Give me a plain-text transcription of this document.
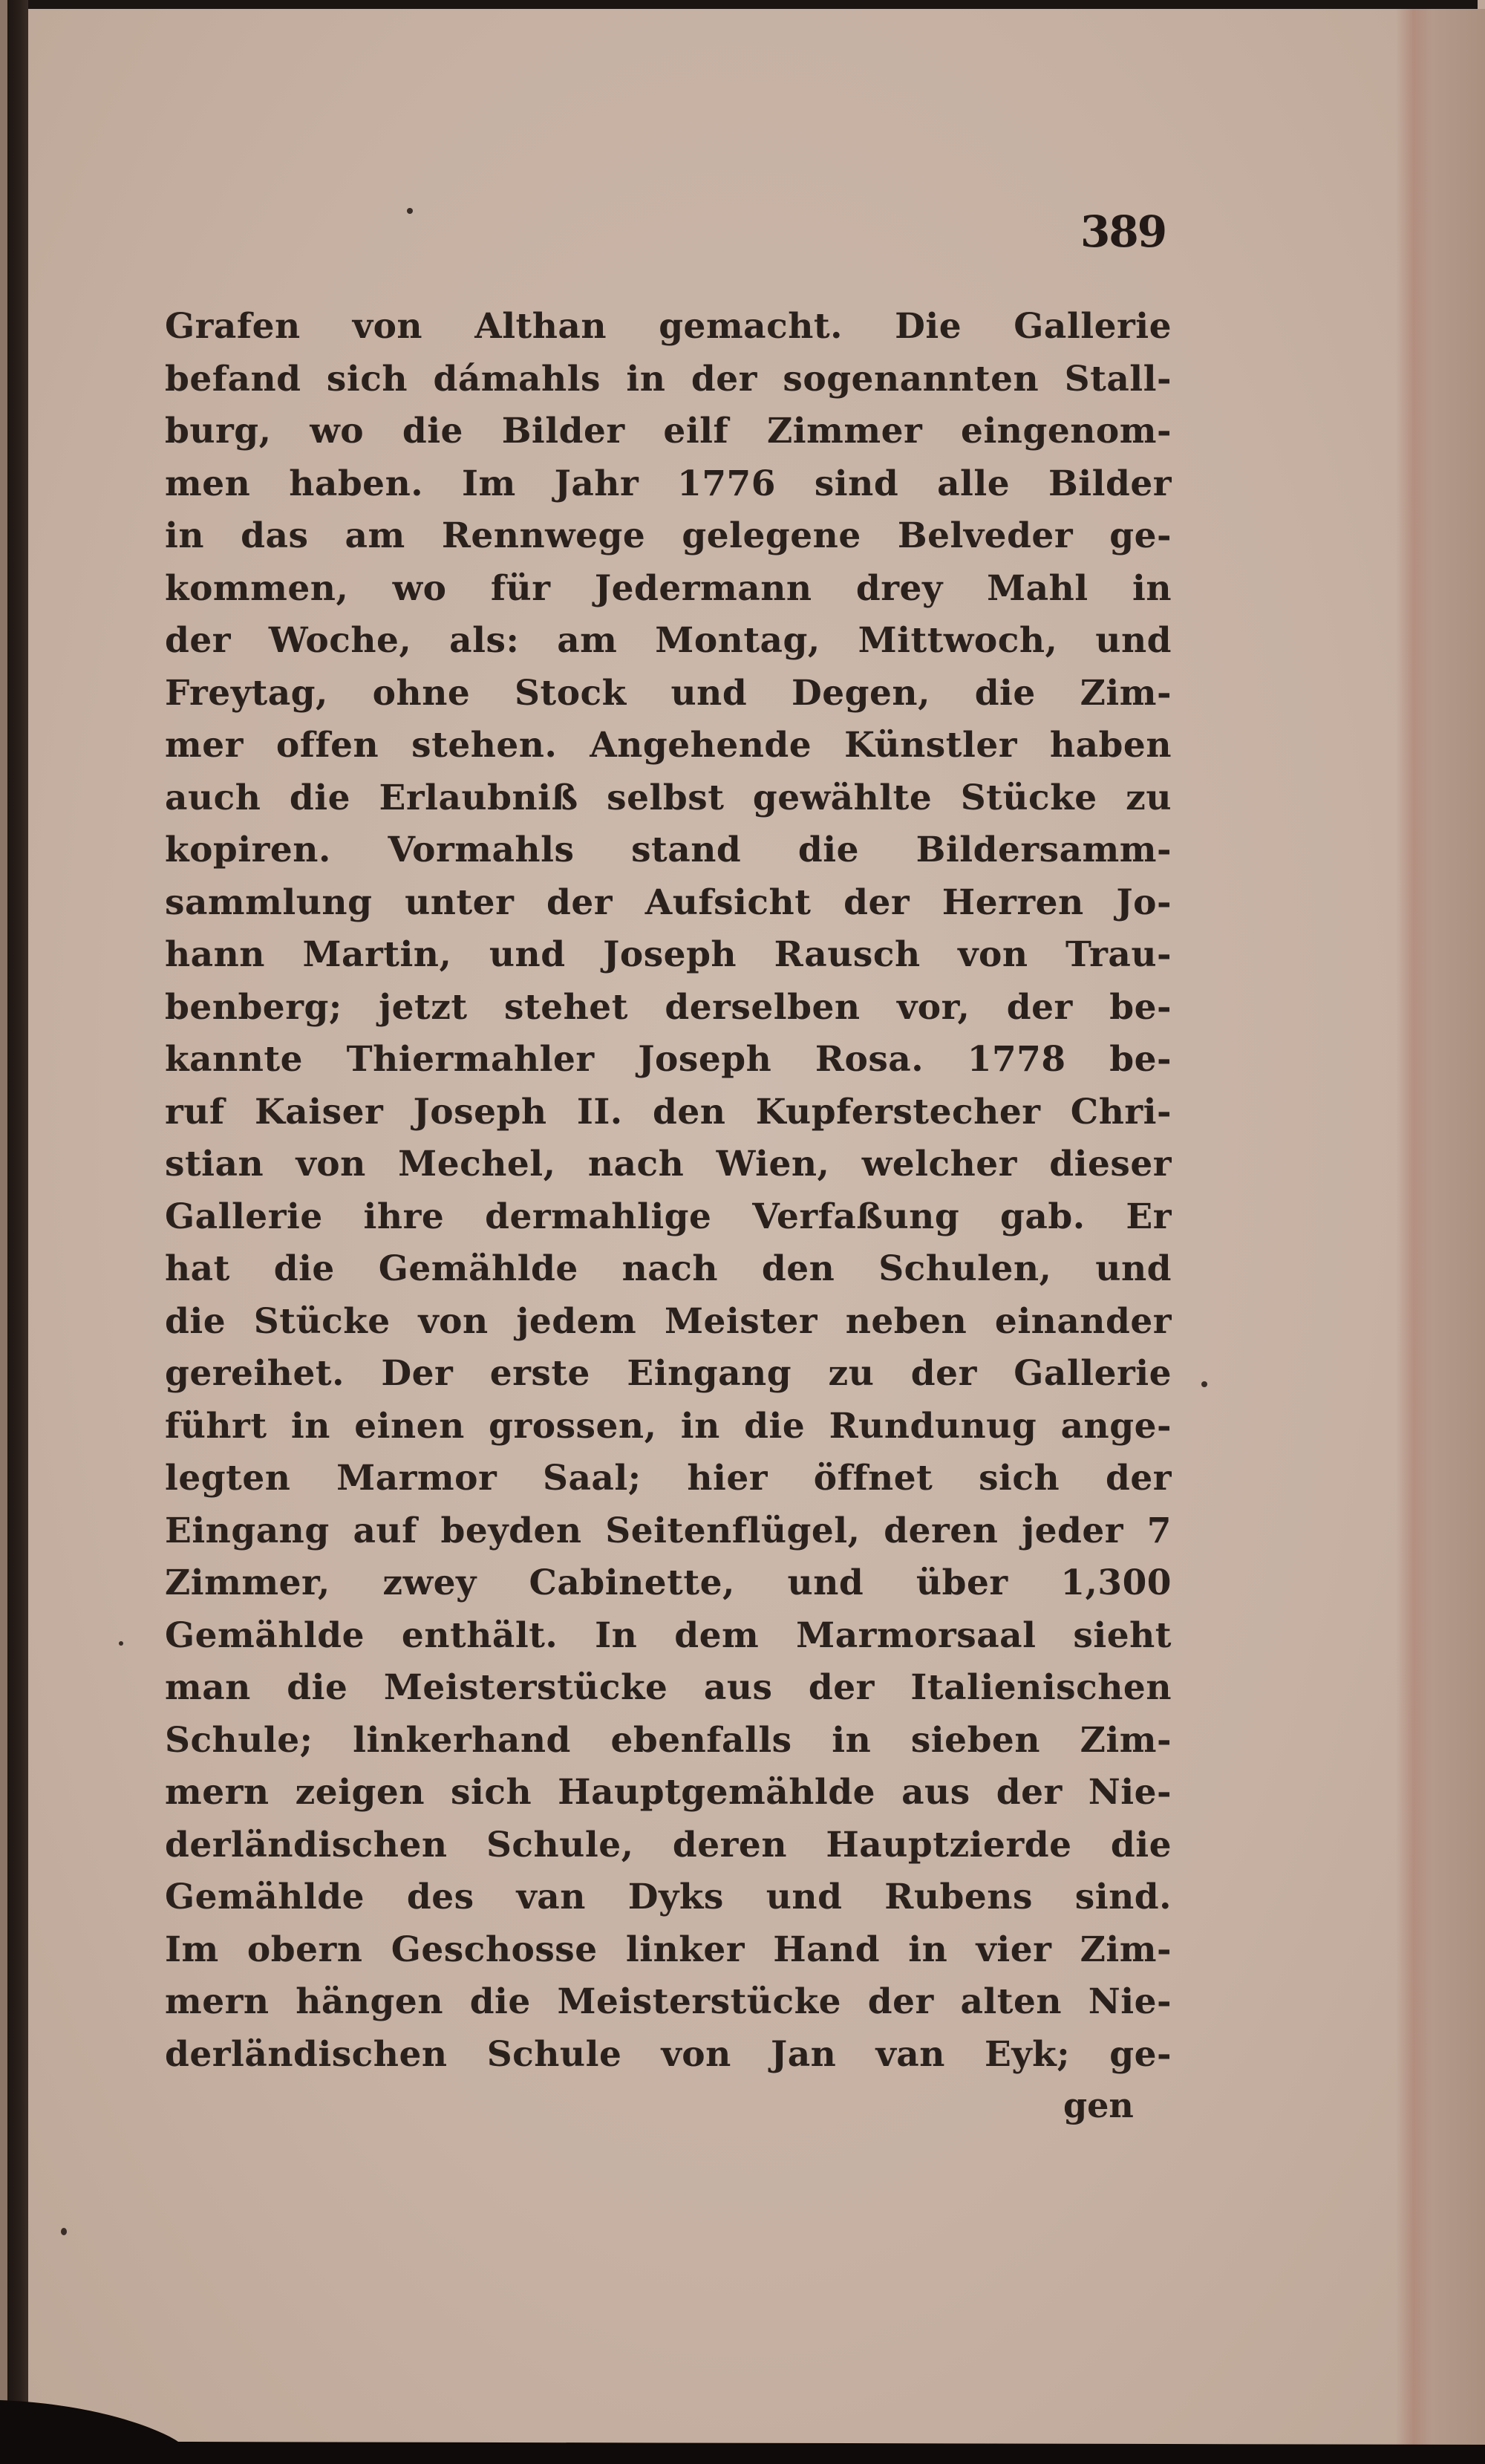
389
Grafen von Althan gemacht. Die Gallerie
befand sich dámahls in der sogenannten Stall-
burg, wo die Bilder eilf Zimmer eingenom-
men haben. Im Jahr 1776 sind alle Bilder
in das am Rennwege gelegene Belveder ge-
kommen, wo für Jedermann drey Mahl in
der Woche, als: am Montag, Mittwoch, und
Freytag, ohne Stock und Degen, die Zim-
mer offen stehen. Angehende Künstler haben
auch die Erlaubniß selbst gewählte Stücke zu
kopiren. Vormahls stand die Bildersamm-
sammlung unter der Aufsicht der Herren Jo-
hann Martin, und Joseph Rausch von Trau-
benberg; jetzt stehet derselben vor, der be-
kannte Thiermahler Joseph Rosa. 1778 be-
ruf Kaiser Joseph II. den Kupferstecher Chri-
stian von Mechel, nach Wien, welcher dieser
Gallerie ihre dermahlige Verfaßung gab. Er
hat die Gemählde nach den Schulen, und
die Stücke von jedem Meister neben einander
gereihet. Der erste Eingang zu der Gallerie
führt in einen grossen, in die Rundunug ange-
legten Marmor Saal; hier öffnet sich der
Eingang auf beyden Seitenflügel, deren jeder 7
Zimmer, zwey Cabinette, und über 1,300
Gemählde enthält. In dem Marmorsaal sieht
man die Meisterstücke aus der Italienischen
Schule; linkerhand ebenfalls in sieben Zim-
mern zeigen sich Hauptgemählde aus der Nie-
derländischen Schule, deren Hauptzierde die
Gemählde des van Dyks und Rubens sind.
Im obern Geschosse linker Hand in vier Zim-
mern hängen die Meisterstücke der alten Nie-
derländischen Schule von Jan van Eyk; ge-
gen
